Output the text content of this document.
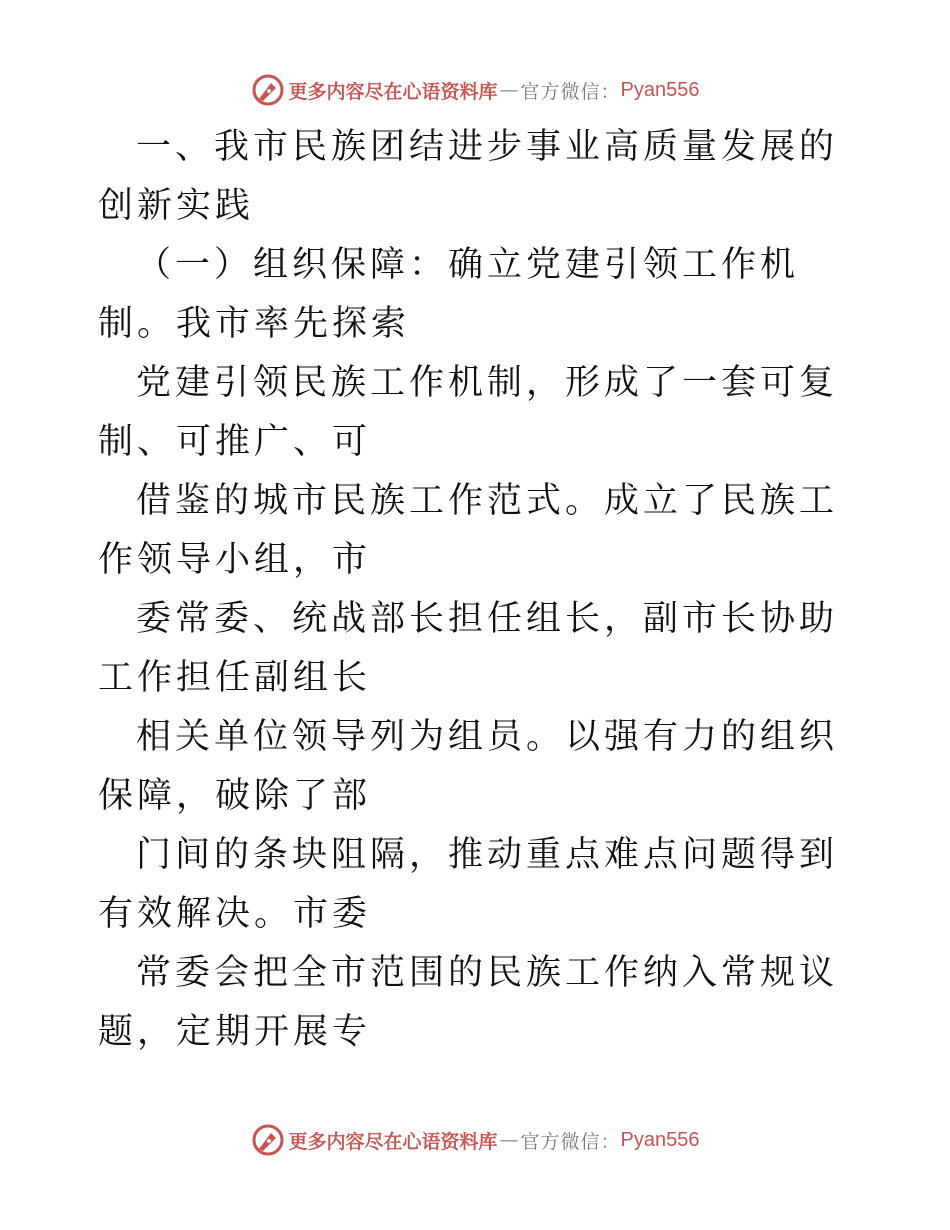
更多内容尽在心语资料库 — 官方微信： Pyan556

一、我市民族团结进步事业高质量发展的创新实践

（一）组织保障：确立党建引领工作机制。我市率先探索

党建引领民族工作机制，形成了一套可复制、可推广、可

借鉴的城市民族工作范式。成立了民族工作领导小组，市

委常委、统战部长担任组长，副市长协助工作担任副组长

相关单位领导列为组员。以强有力的组织保障，破除了部

门间的条块阻隔，推动重点难点问题得到有效解决。市委

常委会把全市范围的民族工作纳入常规议题，定期开展专

更多内容尽在心语资料库 — 官方微信： Pyan556
